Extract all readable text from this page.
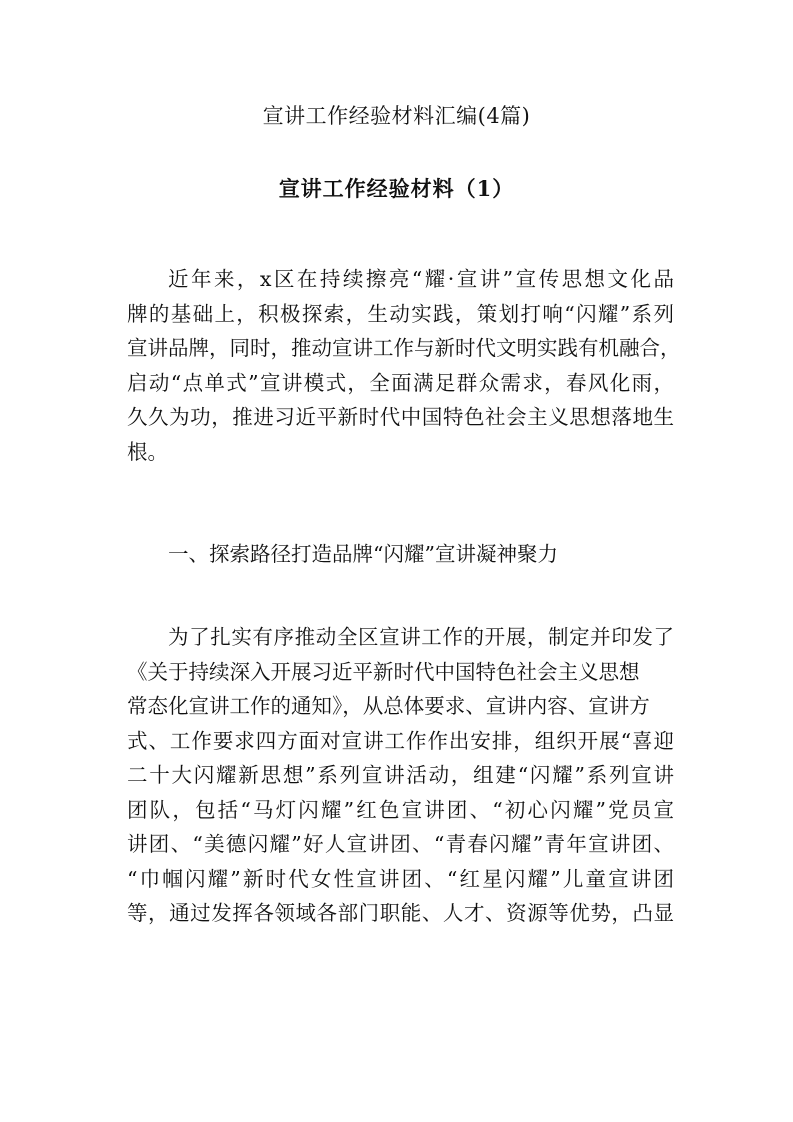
宣讲工作经验材料汇编(4篇)
宣讲工作经验材料（1）
近年来，x区在持续擦亮“耀·宣讲”宣传思想文化品
牌的基础上，积极探索，生动实践，策划打响“闪耀”系列
宣讲品牌，同时，推动宣讲工作与新时代文明实践有机融合，
启动“点单式”宣讲模式，全面满足群众需求，春风化雨，
久久为功，推进习近平新时代中国特色社会主义思想落地生
根。
一、探索路径打造品牌“闪耀”宣讲凝神聚力
为了扎实有序推动全区宣讲工作的开展，制定并印发了
《关于持续深入开展习近平新时代中国特色社会主义思想
常态化宣讲工作的通知》，从总体要求、宣讲内容、宣讲方
式、工作要求四方面对宣讲工作作出安排，组织开展“喜迎
二十大闪耀新思想”系列宣讲活动，组建“闪耀”系列宣讲
团队，包括“马灯闪耀”红色宣讲团、“初心闪耀”党员宣
讲团、“美德闪耀”好人宣讲团、“青春闪耀”青年宣讲团、
“巾帼闪耀”新时代女性宣讲团、“红星闪耀”儿童宣讲团
等，通过发挥各领域各部门职能、人才、资源等优势，凸显
